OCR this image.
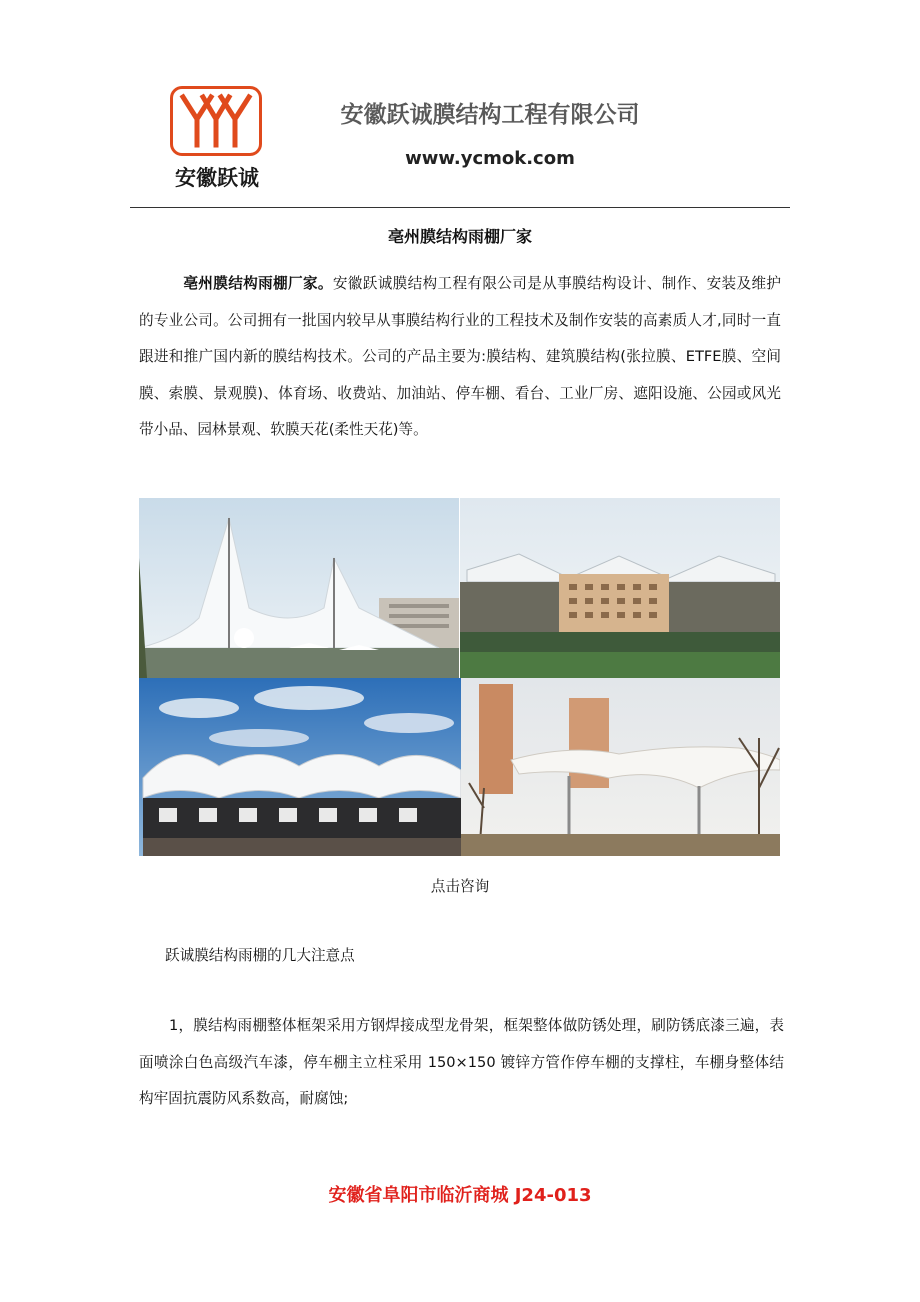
安徽跃诚
安徽跃诚膜结构工程有限公司
www.ycmok.com
亳州膜结构雨棚厂家
亳州膜结构雨棚厂家。安徽跃诚膜结构工程有限公司是从事膜结构设计、制作、安装及维护的专业公司。公司拥有一批国内较早从事膜结构行业的工程技术及制作安装的高素质人才,同时一直跟进和推广国内新的膜结构技术。公司的产品主要为:膜结构、建筑膜结构(张拉膜、ETFE膜、空间膜、索膜、景观膜)、体育场、收费站、加油站、停车棚、看台、工业厂房、遮阳设施、公园或风光带小品、园林景观、软膜天花(柔性天花)等。
点击咨询
跃诚膜结构雨棚的几大注意点
1，膜结构雨棚整体框架采用方钢焊接成型龙骨架，框架整体做防锈处理，刷防锈底漆三遍，表面喷涂白色高级汽车漆，停车棚主立柱采用 150×150 镀锌方管作停车棚的支撑柱，车棚身整体结构牢固抗震防风系数高，耐腐蚀;
安徽省阜阳市临沂商城 J24-013
